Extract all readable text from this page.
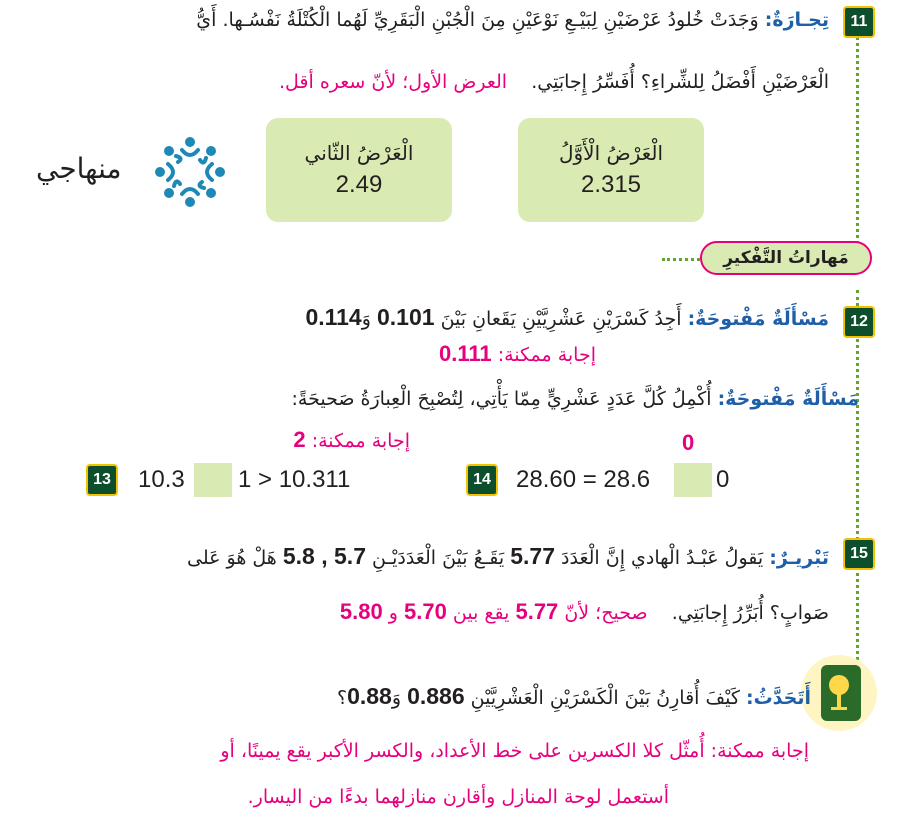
11
تِجـارَةٌ: وَجَدَتْ خُلودُ عَرْضَيْنِ لِبَيْـعِ نَوْعَيْنِ مِنَ الْجُبْنِ الْبَقَرِيِّ لَهُما الْكُتْلَةُ نَفْسُـها. أَيُّ
الْعَرْضَيْنِ أَفْضَلُ لِلشِّراءِ؟ أُفَسِّرُ إِجابَتِي.    العرض الأول؛ لأنّ سعره أقل.
الْعَرْضُ الْأَوَّلُ
2.315
الْعَرْضُ الثّاني
2.49
منهاجي
مَهاراتُ التَّفْكيرِ
12
مَسْأَلَةٌ مَفْتوحَةٌ: أَجِدُ كَسْرَيْنِ عَشْرِيَّيْنِ يَقَعانِ بَيْنَ 0.101 وَ0.114
إجابة ممكنة: 0.111
مَسْأَلَةٌ مَفْتوحَةٌ: أُكْمِلُ كُلَّ عَدَدٍ عَشْرِيٍّ مِمّا يَأْتِي، لِتُصْبِحَ الْعِبارَةُ صَحيحَةً:
إجابة ممكنة: 2	0
14 28.60 = 28.6	0
13 10.3 1 > 10.311
15
تَبْريـرٌ: يَقولُ عَبْـدُ الْهادي إِنَّ الْعَدَدَ 5.77 يَقَـعُ بَيْنَ الْعَدَدَيْـنِ 5.7 , 5.8 هَلْ هُوَ عَلى
صَوابٍ؟ أُبَرِّرُ إِجابَتِي.    صحيح؛ لأنّ 5.77 يقع بين 5.70 و 5.80
أَتَحَدَّثُ: كَيْفَ أُقارِنُ بَيْنَ الْكَسْرَيْنِ الْعَشْرِيَّيْنِ 0.886 وَ0.88؟
إجابة ممكنة: أُمثّل كلا الكسرين على خط الأعداد، والكسر الأكبر يقع يمينًا، أو
أستعمل لوحة المنازل وأقارن منازلهما بدءًا من اليسار.
